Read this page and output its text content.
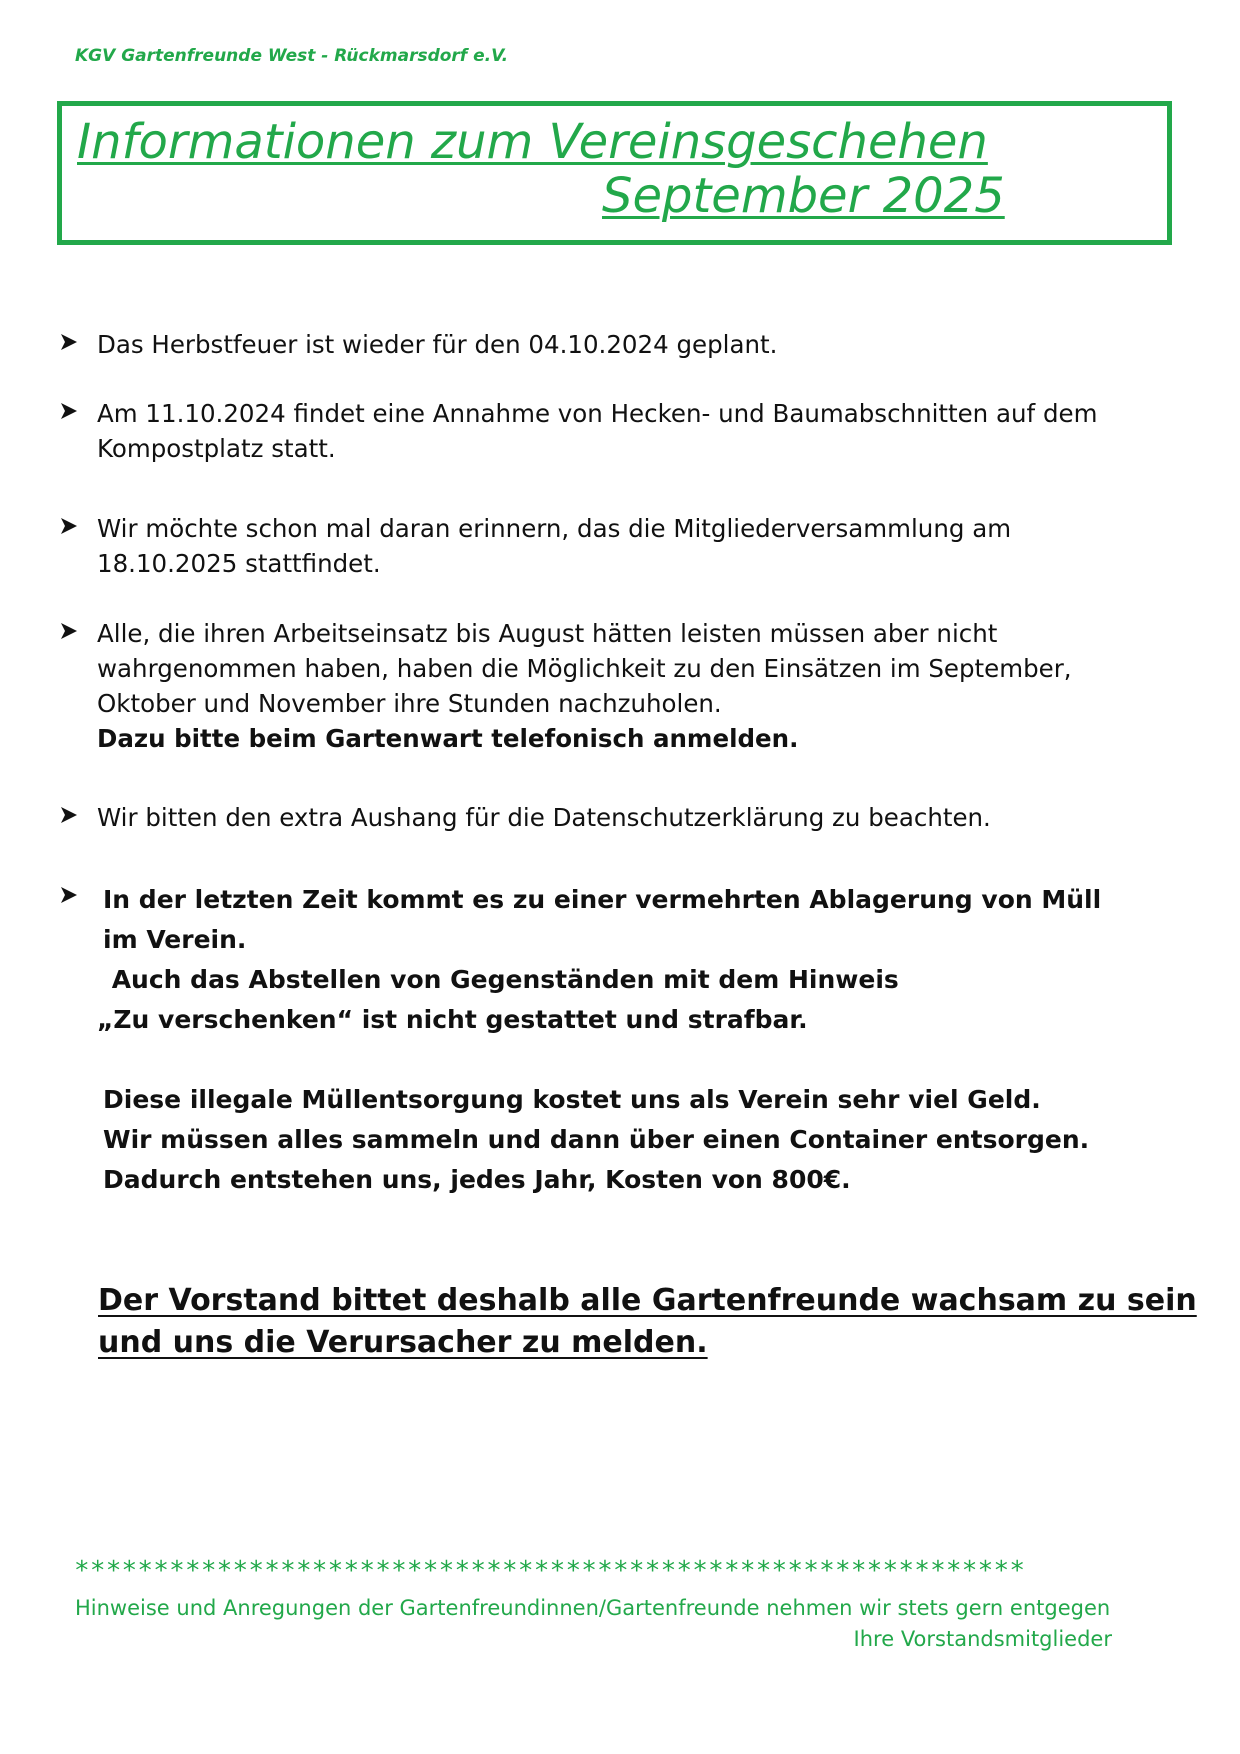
KGV Gartenfreunde West - Rückmarsdorf e.V.
Informationen zum Vereinsgeschehen
September 2025
Das Herbstfeuer ist wieder für den 04.10.2024 geplant.
Am 11.10.2024 findet eine Annahme von Hecken- und Baumabschnitten auf dem
Kompostplatz statt.
Wir möchte schon mal daran erinnern, das die Mitgliederversammlung am
18.10.2025 stattfindet.
Alle, die ihren Arbeitseinsatz bis August hätten leisten müssen aber nicht
wahrgenommen haben, haben die Möglichkeit zu den Einsätzen im September,
Oktober und November ihre Stunden nachzuholen.
Dazu bitte beim Gartenwart telefonisch anmelden.
Wir bitten den extra Aushang für die Datenschutzerklärung zu beachten.
In der letzten Zeit kommt es zu einer vermehrten Ablagerung von Müll
im Verein.
Auch das Abstellen von Gegenständen mit dem Hinweis
„Zu verschenken“ ist nicht gestattet und strafbar.
Diese illegale Müllentsorgung kostet uns als Verein sehr viel Geld.
Wir müssen alles sammeln und dann über einen Container entsorgen.
Dadurch entstehen uns, jedes Jahr, Kosten von 800€.
Der Vorstand bittet deshalb alle Gartenfreunde wachsam zu sein
und uns die Verursacher zu melden.
************************************************************
Hinweise und Anregungen der Gartenfreundinnen/Gartenfreunde nehmen wir stets gern entgegen
Ihre Vorstandsmitglieder
